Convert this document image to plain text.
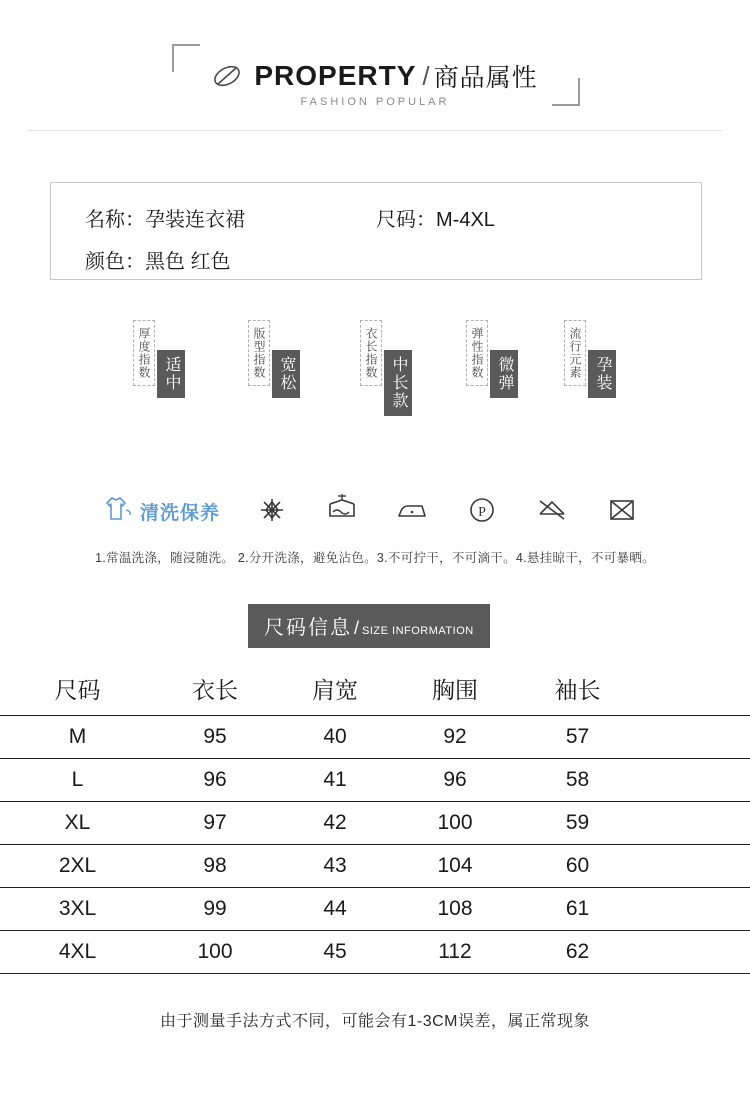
PROPERTY / 商品属性
FASHION POPULAR
名称：孕装连衣裙	尺码：M-4XL
颜色：黑色 红色
厚度指数 适中	版型指数 宽松	衣长指数
中长款
弹性指数 微弹	流行元素 孕装
清洗保养	P
1.常温洗涤，随浸随洗。 2.分开洗涤，避免沾色。3.不可拧干，不可滴干。4.悬挂晾干，不可暴晒。
尺码信息 / SIZE INFORMATION
尺码	衣长	肩宽	胸围	袖长	
M	95	40	92	57	
L	96	41	96	58	
XL	97	42	100	59	
2XL	98	43	104	60	
3XL	99	44	108	61	
4XL	100	45	112	62	
由于测量手法方式不同，可能会有1-3CM误差，属正常现象
